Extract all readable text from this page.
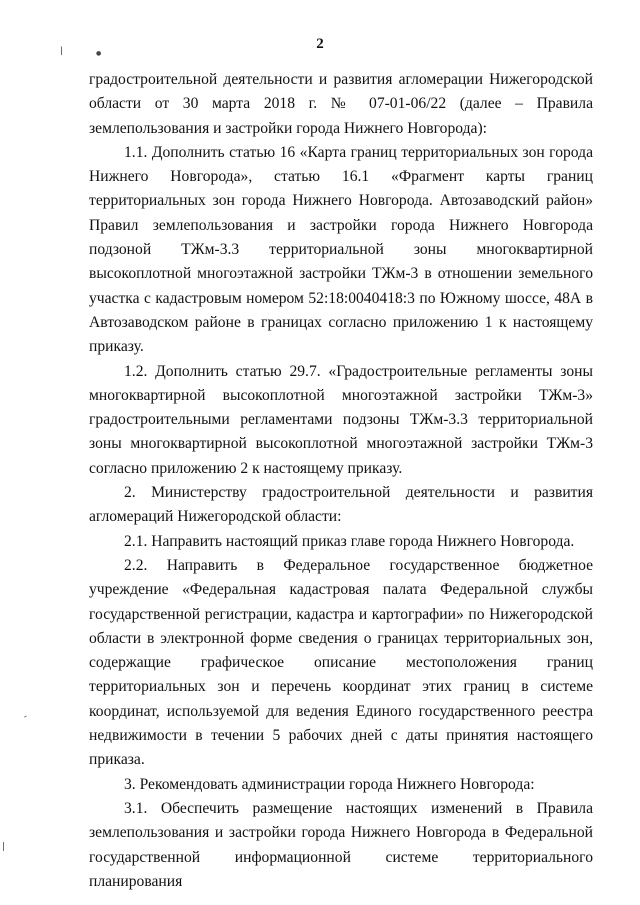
2
/	●
-
|

градостроительной деятельности и развития агломерации Нижегородской области от 30 марта 2018 г. № 07-01-06/22 (далее – Правила землепользования и застройки города Нижнего Новгорода):

1.1. Дополнить статью 16 «Карта границ территориальных зон города Нижнего Новгорода», статью 16.1 «Фрагмент карты границ территориальных зон города Нижнего Новгорода. Автозаводский район» Правил землепользования и застройки города Нижнего Новгорода подзоной ТЖм-3.3 территориальной зоны многоквартирной высокоплотной многоэтажной застройки ТЖм-3 в отношении земельного участка с кадастровым номером 52:18:0040418:3 по Южному шоссе, 48А в Автозаводском районе в границах согласно приложению 1 к настоящему приказу.

1.2. Дополнить статью 29.7. «Градостроительные регламенты зоны многоквартирной высокоплотной многоэтажной застройки ТЖм-3» градостроительными регламентами подзоны ТЖм-3.3 территориальной зоны многоквартирной высокоплотной многоэтажной застройки ТЖм-3 согласно приложению 2 к настоящему приказу.

2. Министерству градостроительной деятельности и развития агломераций Нижегородской области:

2.1. Направить настоящий приказ главе города Нижнего Новгорода.

2.2. Направить в Федеральное государственное бюджетное учреждение «Федеральная кадастровая палата Федеральной службы государственной регистрации, кадастра и картографии» по Нижегородской области в электронной форме сведения о границах территориальных зон, содержащие графическое описание местоположения границ территориальных зон и перечень координат этих границ в системе координат, используемой для ведения Единого государственного реестра недвижимости в течении 5 рабочих дней с даты принятия настоящего приказа.

3. Рекомендовать администрации города Нижнего Новгорода:

3.1. Обеспечить размещение настоящих изменений в Правила землепользования и застройки города Нижнего Новгорода в Федеральной государственной информационной системе территориального планирования
